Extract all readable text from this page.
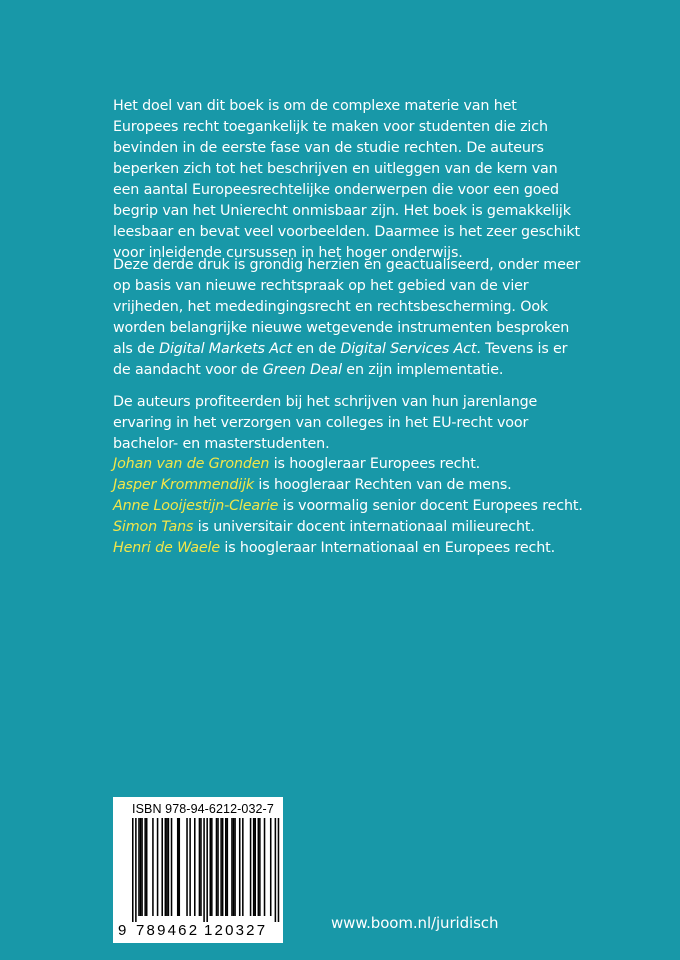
Het doel van dit boek is om de complexe materie van het Europees recht toegankelijk te maken voor studenten die zich bevinden in de eerste fase van de studie rechten. De auteurs beperken zich tot het beschrijven en uitleggen van de kern van een aantal Europeesrechtelijke onderwerpen die voor een goed begrip van het Unierecht onmisbaar zijn. Het boek is gemakkelijk leesbaar en bevat veel voorbeelden. Daarmee is het zeer geschikt voor inleidende cursussen in het hoger onderwijs.

Deze derde druk is grondig herzien en geactualiseerd, onder meer op basis van nieuwe rechtspraak op het gebied van de vier vrijheden, het mededingingsrecht en rechtsbescherming. Ook worden belangrijke nieuwe wetgevende instrumenten besproken als de Digital Markets Act en de Digital Services Act. Tevens is er de aandacht voor de Green Deal en zijn implementatie.

De auteurs profiteerden bij het schrijven van hun jarenlange ervaring in het verzorgen van colleges in het EU-recht voor bachelor- en masterstudenten.

Johan van de Gronden is hoogleraar Europees recht.
Jasper Krommendijk is hoogleraar Rechten van de mens.
Anne Looijestijn-Clearie is voormalig senior docent Europees recht.
Simon Tans is universitair docent internationaal milieurecht.
Henri de Waele is hoogleraar Internationaal en Europees recht.
ISBN 978-94-6212-032-7
9 789462 120327	www.boom.nl/juridisch
